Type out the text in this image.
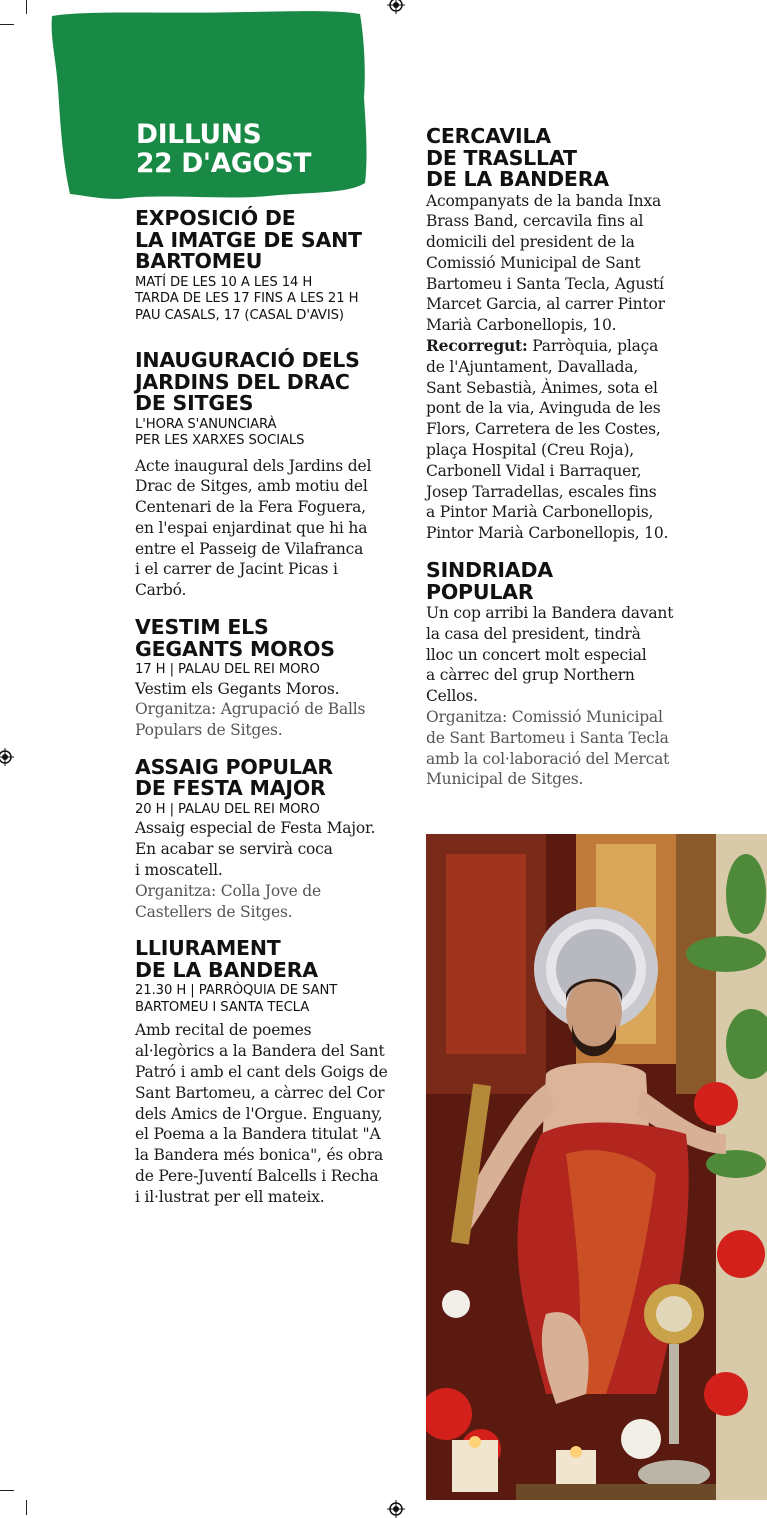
DILLUNS
22 D'AGOST
EXPOSICIÓ DE
LA IMATGE DE SANT
BARTOMEU
MATÍ DE LES 10 A LES 14 H
TARDA DE LES 17 FINS A LES 21 H
PAU CASALS, 17 (CASAL D'AVIS)
INAUGURACIÓ DELS
JARDINS DEL DRAC
DE SITGES
L'HORA S'ANUNCIARÀ
PER LES XARXES SOCIALS
Acte inaugural dels Jardins del
Drac de Sitges, amb motiu del
Centenari de la Fera Foguera,
en l'espai enjardinat que hi ha
entre el Passeig de Vilafranca
i el carrer de Jacint Picas i
Carbó.
VESTIM ELS
GEGANTS MOROS
17 H | PALAU DEL REI MORO
Vestim els Gegants Moros.
Organitza: Agrupació de Balls
Populars de Sitges.
ASSAIG POPULAR
DE FESTA MAJOR
20 H | PALAU DEL REI MORO
Assaig especial de Festa Major.
En acabar se servirà coca
i moscatell.
Organitza: Colla Jove de
Castellers de Sitges.
LLIURAMENT
DE LA BANDERA
21.30 H | PARRÒQUIA DE SANT
BARTOMEU I SANTA TECLA
Amb recital de poemes
al·legòrics a la Bandera del Sant
Patró i amb el cant dels Goigs de
Sant Bartomeu, a càrrec del Cor
dels Amics de l'Orgue. Enguany,
el Poema a la Bandera titulat "A
la Bandera més bonica", és obra
de Pere-Juventí Balcells i Recha
i il·lustrat per ell mateix.
CERCAVILA
DE TRASLLAT
DE LA BANDERA
Acompanyats de la banda Inxa
Brass Band, cercavila fins al
domicili del president de la
Comissió Municipal de Sant
Bartomeu i Santa Tecla, Agustí
Marcet Garcia, al carrer Pintor
Marià Carbonellopis, 10.
Recorregut: Parròquia, plaça
de l'Ajuntament, Davallada,
Sant Sebastià, Ànimes, sota el
pont de la via, Avinguda de les
Flors, Carretera de les Costes,
plaça Hospital (Creu Roja),
Carbonell Vidal i Barraquer,
Josep Tarradellas, escales fins
a Pintor Marià Carbonellopis,
Pintor Marià Carbonellopis, 10.
SINDRIADA
POPULAR
Un cop arribi la Bandera davant
la casa del president, tindrà
lloc un concert molt especial
a càrrec del grup Northern
Cellos.
Organitza: Comissió Municipal
de Sant Bartomeu i Santa Tecla
amb la col·laboració del Mercat
Municipal de Sitges.
